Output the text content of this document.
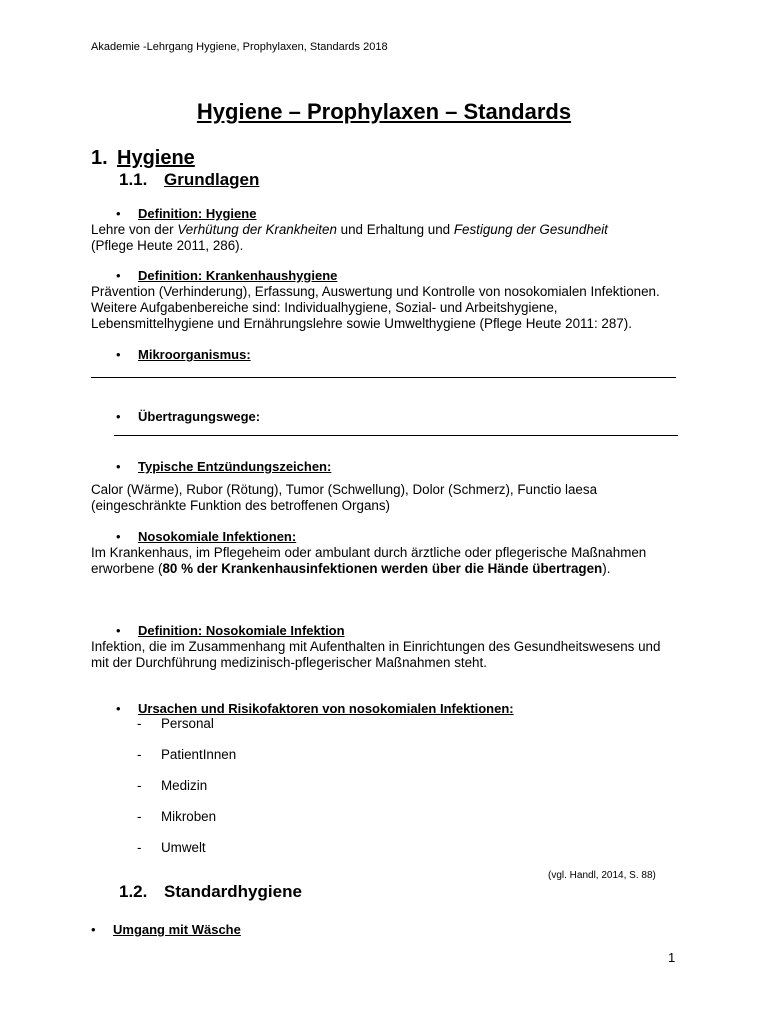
Akademie -Lehrgang Hygiene, Prophylaxen, Standards 2018
Hygiene – Prophylaxen – Standards
1. Hygiene
1.1. Grundlagen
• Definition: Hygiene
Lehre von der Verhütung der Krankheiten und Erhaltung und Festigung der Gesundheit
(Pflege Heute 2011, 286).
• Definition: Krankenhaushygiene
Prävention (Verhinderung), Erfassung, Auswertung und Kontrolle von nosokomialen Infektionen. Weitere Aufgabenbereiche sind: Individualhygiene, Sozial- und Arbeitshygiene, Lebensmittelhygiene und Ernährungslehre sowie Umwelthygiene (Pflege Heute 2011: 287).
• Mikroorganismus:
• Übertragungswege:
• Typische Entzündungszeichen:
Calor (Wärme), Rubor (Rötung), Tumor (Schwellung), Dolor (Schmerz), Functio laesa (eingeschränkte Funktion des betroffenen Organs)
• Nosokomiale Infektionen:
Im Krankenhaus, im Pflegeheim oder ambulant durch ärztliche oder pflegerische Maßnahmen erworbene (80 % der Krankenhausinfektionen werden über die Hände übertragen).
• Definition: Nosokomiale Infektion
Infektion, die im Zusammenhang mit Aufenthalten in Einrichtungen des Gesundheitswesens und mit der Durchführung medizinisch-pflegerischer Maßnahmen steht.
• Ursachen und Risikofaktoren von nosokomialen Infektionen:
- Personal
- PatientInnen
- Medizin
- Mikroben
- Umwelt
(vgl. Handl, 2014, S. 88)
1.2. Standardhygiene
• Umgang mit Wäsche
1
